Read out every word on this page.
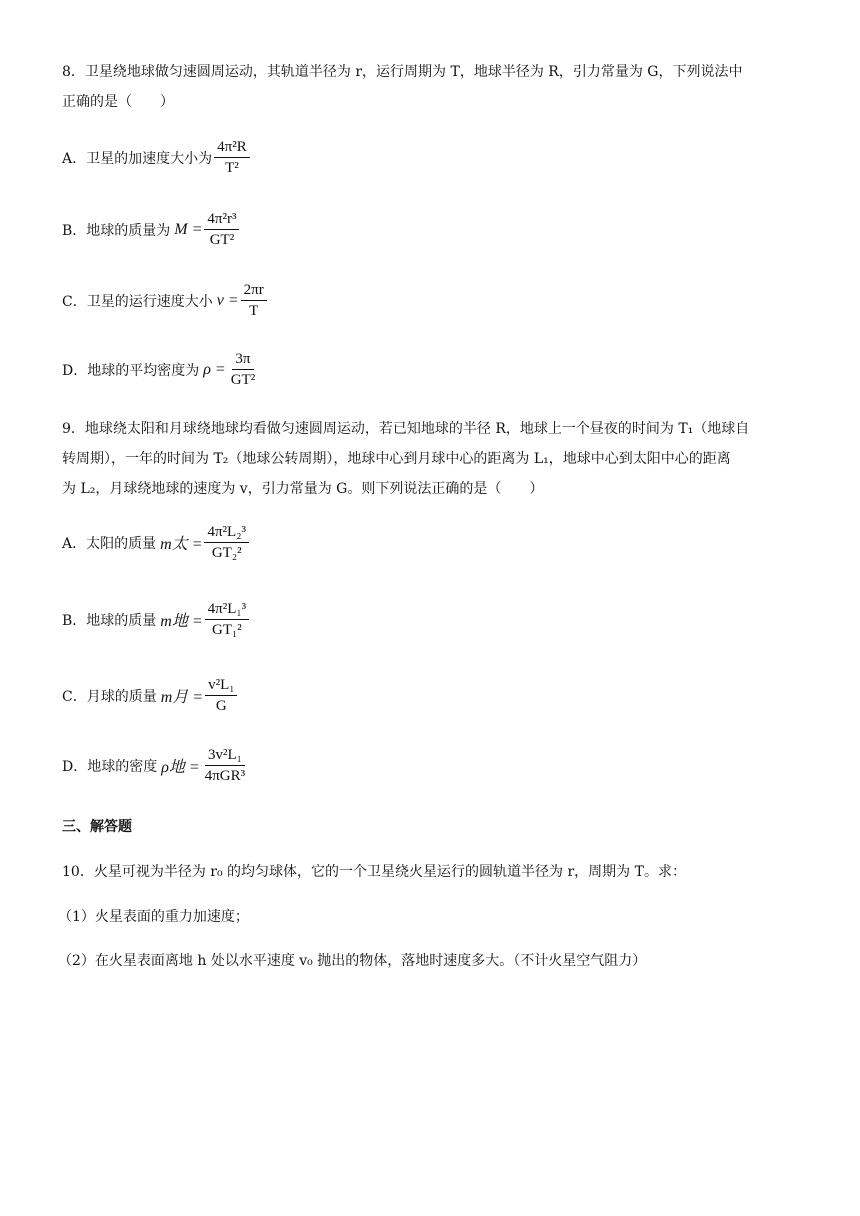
8．卫星绕地球做匀速圆周运动，其轨道半径为 r，运行周期为 T，地球半径为 R，引力常量为 G，下列说法中
正确的是（　　）
A．卫星的加速度大小为 $\frac{\text{4π²R}}{\text{T²}}$
B．地球的质量为 $M = \frac{\text{4π²r³}}{\text{GT²}}$
C．卫星的运行速度大小 $v = \frac{2\pi r}{T}$
D．地球的平均密度为 $\rho = \frac{3\pi}{\text{GT²}}$
9．地球绕太阳和月球绕地球均看做匀速圆周运动，若已知地球的半径 R，地球上一个昼夜的时间为 T₁（地球自
转周期），一年的时间为 T₂（地球公转周期），地球中心到月球中心的距离为 L₁，地球中心到太阳中心的距离
为 L₂，月球绕地球的速度为 v，引力常量为 G。则下列说法正确的是（　　）
A．太阳的质量 m太 = $\frac{\text{4π²L₂³}}{\text{GT₂²}}$
B．地球的质量 m地 = $\frac{\text{4π²L₁³}}{\text{GT₁²}}$
C．月球的质量 m月 = $\frac{\text{v²L₁}}{G}$
D．地球的密度 ρ地 = $\frac{\text{3v²L₁}}{\text{4πGR³}}$
三、解答题
10．火星可视为半径为 r₀ 的均匀球体，它的一个卫星绕火星运行的圆轨道半径为 r，周期为 T。求：
（1）火星表面的重力加速度；
（2）在火星表面离地 h 处以水平速度 v₀ 抛出的物体，落地时速度多大。（不计火星空气阻力）
